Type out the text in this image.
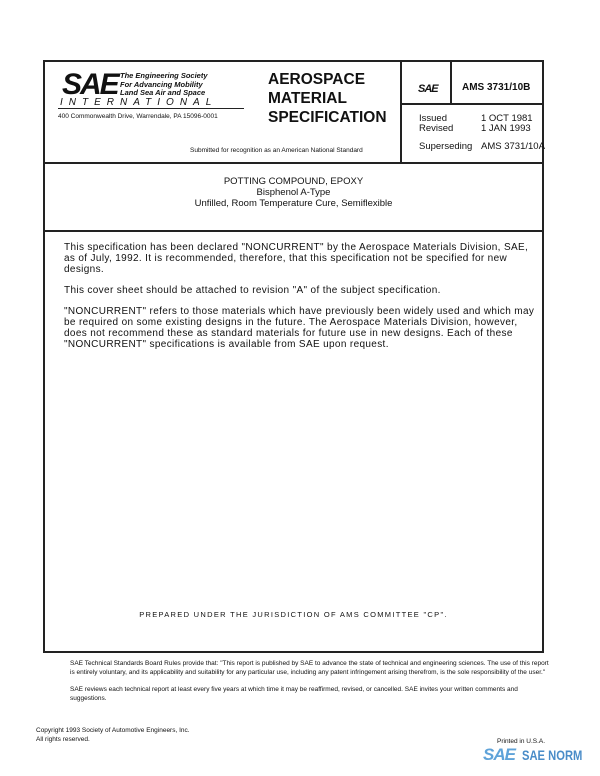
SAE The Engineering Society
For Advancing Mobility
Land Sea Air and Space
INTERNATIONAL
400 Commonwealth Drive, Warrendale, PA 15096-0001
AEROSPACE
MATERIAL
SPECIFICATION
Submitted for recognition as an American National Standard
SAE AMS 3731/10B
Issued	1 OCT 1981
Revised	1 JAN 1993
Superseding AMS 3731/10A
POTTING COMPOUND, EPOXY
Bisphenol A-Type
Unfilled, Room Temperature Cure, Semiflexible

This specification has been declared "NONCURRENT" by the Aerospace Materials Division, SAE, as of July, 1992. It is recommended, therefore, that this specification not be specified for new designs.

This cover sheet should be attached to revision "A" of the subject specification.

"NONCURRENT" refers to those materials which have previously been widely used and which may be required on some existing designs in the future. The Aerospace Materials Division, however, does not recommend these as standard materials for future use in new designs. Each of these "NONCURRENT" specifications is available from SAE upon request.

PREPARED UNDER THE JURISDICTION OF AMS COMMITTEE "CP".

SAE Technical Standards Board Rules provide that: "This report is published by SAE to advance the state of technical and engineering sciences. The use of this report is entirely voluntary, and its applicability and suitability for any particular use, including any patent infringement arising therefrom, is the sole responsibility of the user."

SAE reviews each technical report at least every five years at which time it may be reaffirmed, revised, or cancelled. SAE invites your written comments and suggestions.

Copyright 1993 Society of Automotive Engineers, Inc.
All rights reserved.	Printed in U.S.A.
SAE SAE NORM
